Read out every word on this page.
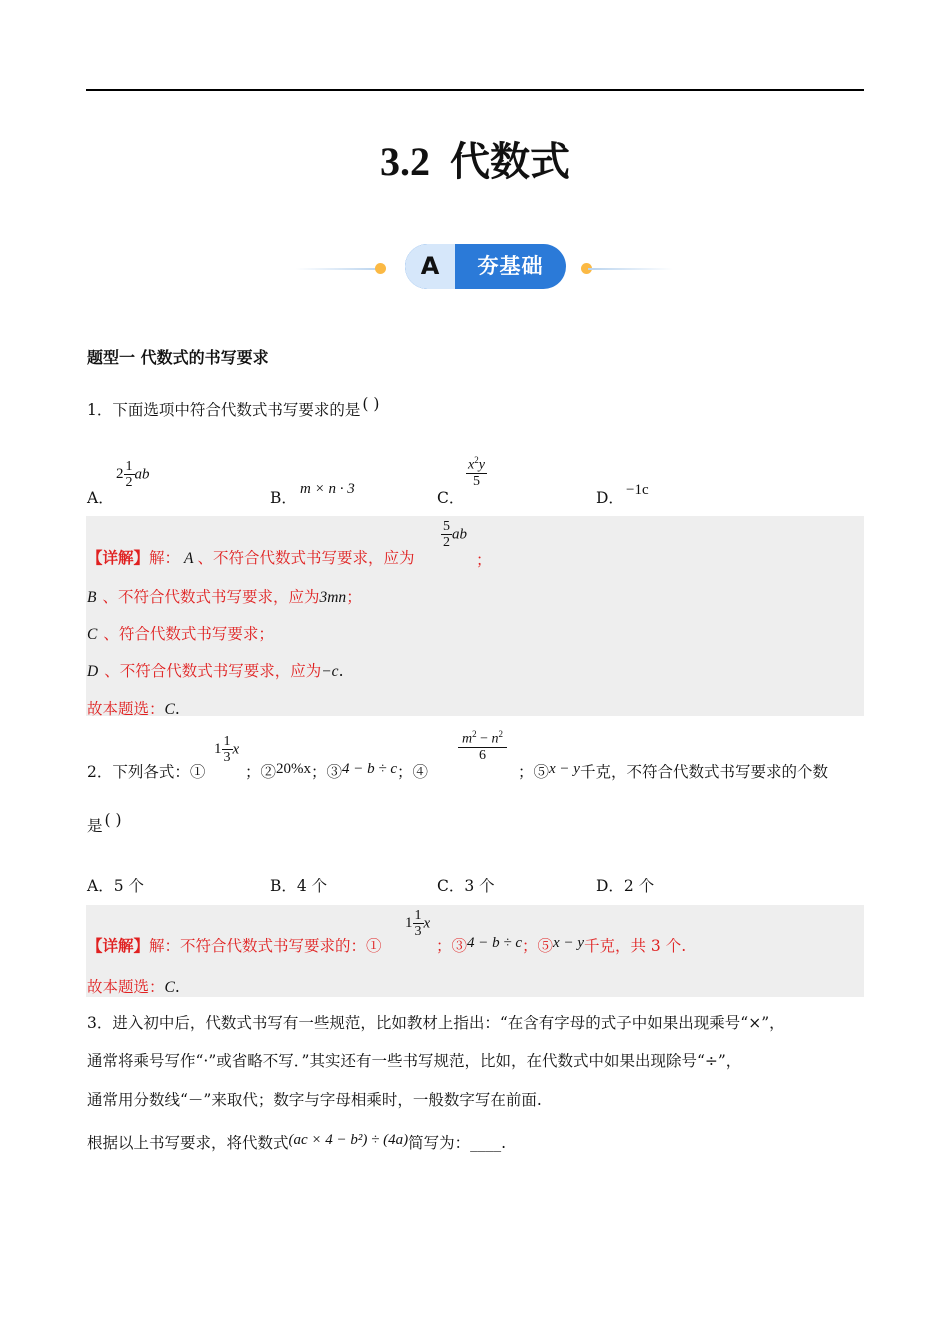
3.2 代数式
A	夯基础
题型一 代数式的书写要求
1．下面选项中符合代数式书写要求的是 ( )
A．
$2 \frac{1}{2}$ ab
B． m × n · 3	C．
$\frac{x^2y}{5}$
D． −1c
【详解】解： A 、不符合代数式书写要求，应为
$\frac{5}{2}$ ab
；
B 、不符合代数式书写要求，应为3mn；
C 、符合代数式书写要求；
D 、不符合代数式书写要求，应为−c.
故本题选：C.
2．下列各式：①
$1 \frac{1}{3}$ x
；②20%x；③4 − b ÷ c；④
$\frac{m^2 - n^2}{6}$
；⑤x − y千克，不符合代数式书写要求的个数
是 ( )
A．5 个	B．4 个	C．3 个	D．2 个
【详解】解：不符合代数式书写要求的：①
$1 \frac{1}{3}$ x
；③4 − b ÷ c；⑤x − y千克，共 3 个.
故本题选：C.
3．进入初中后，代数式书写有一些规范，比如教材上指出：“在含有字母的式子中如果出现乘号“×”，
通常将乘号写作“·”或省略不写．”其实还有一些书写规范，比如，在代数式中如果出现除号“÷”，
通常用分数线“－”来取代；数字与字母相乘时，一般数字写在前面.
根据以上书写要求，将代数式(ac × 4 − b²) ÷ (4a)简写为：____.
